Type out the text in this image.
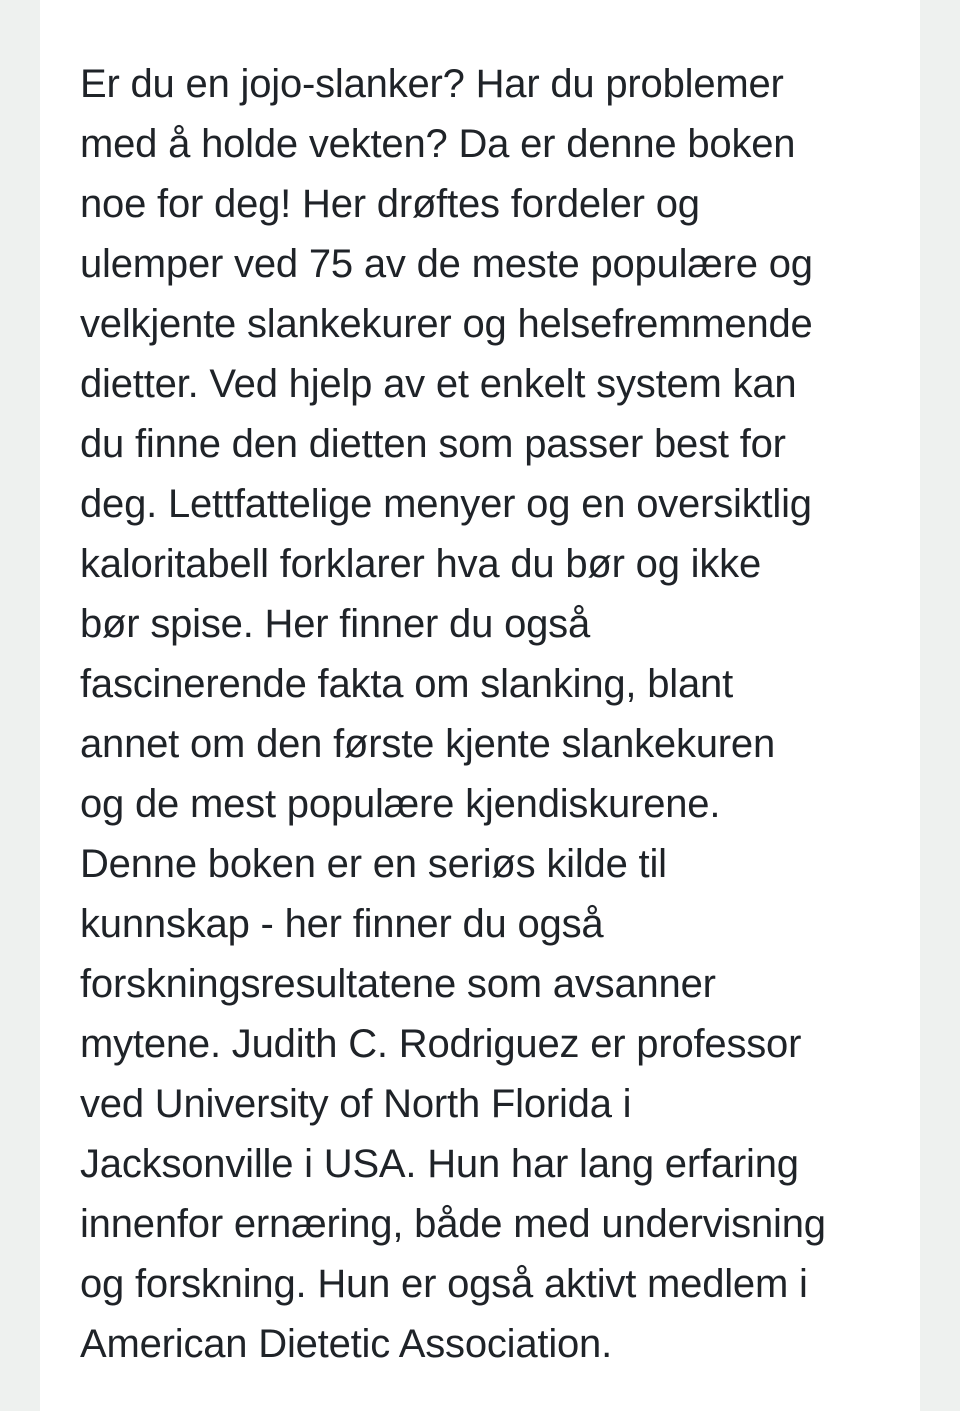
Er du en jojo-slanker? Har du problemer
med å holde vekten? Da er denne boken
noe for deg! Her drøftes fordeler og
ulemper ved 75 av de meste populære og
velkjente slankekurer og helsefremmende
dietter. Ved hjelp av et enkelt system kan
du finne den dietten som passer best for
deg. Lettfattelige menyer og en oversiktlig
kaloritabell forklarer hva du bør og ikke
bør spise. Her finner du også
fascinerende fakta om slanking, blant
annet om den første kjente slankekuren
og de mest populære kjendiskurene.
Denne boken er en seriøs kilde til
kunnskap - her finner du også
forskningsresultatene som avsanner
mytene. Judith C. Rodriguez er professor
ved University of North Florida i
Jacksonville i USA. Hun har lang erfaring
innenfor ernæring, både med undervisning
og forskning. Hun er også aktivt medlem i
American Dietetic Association.
